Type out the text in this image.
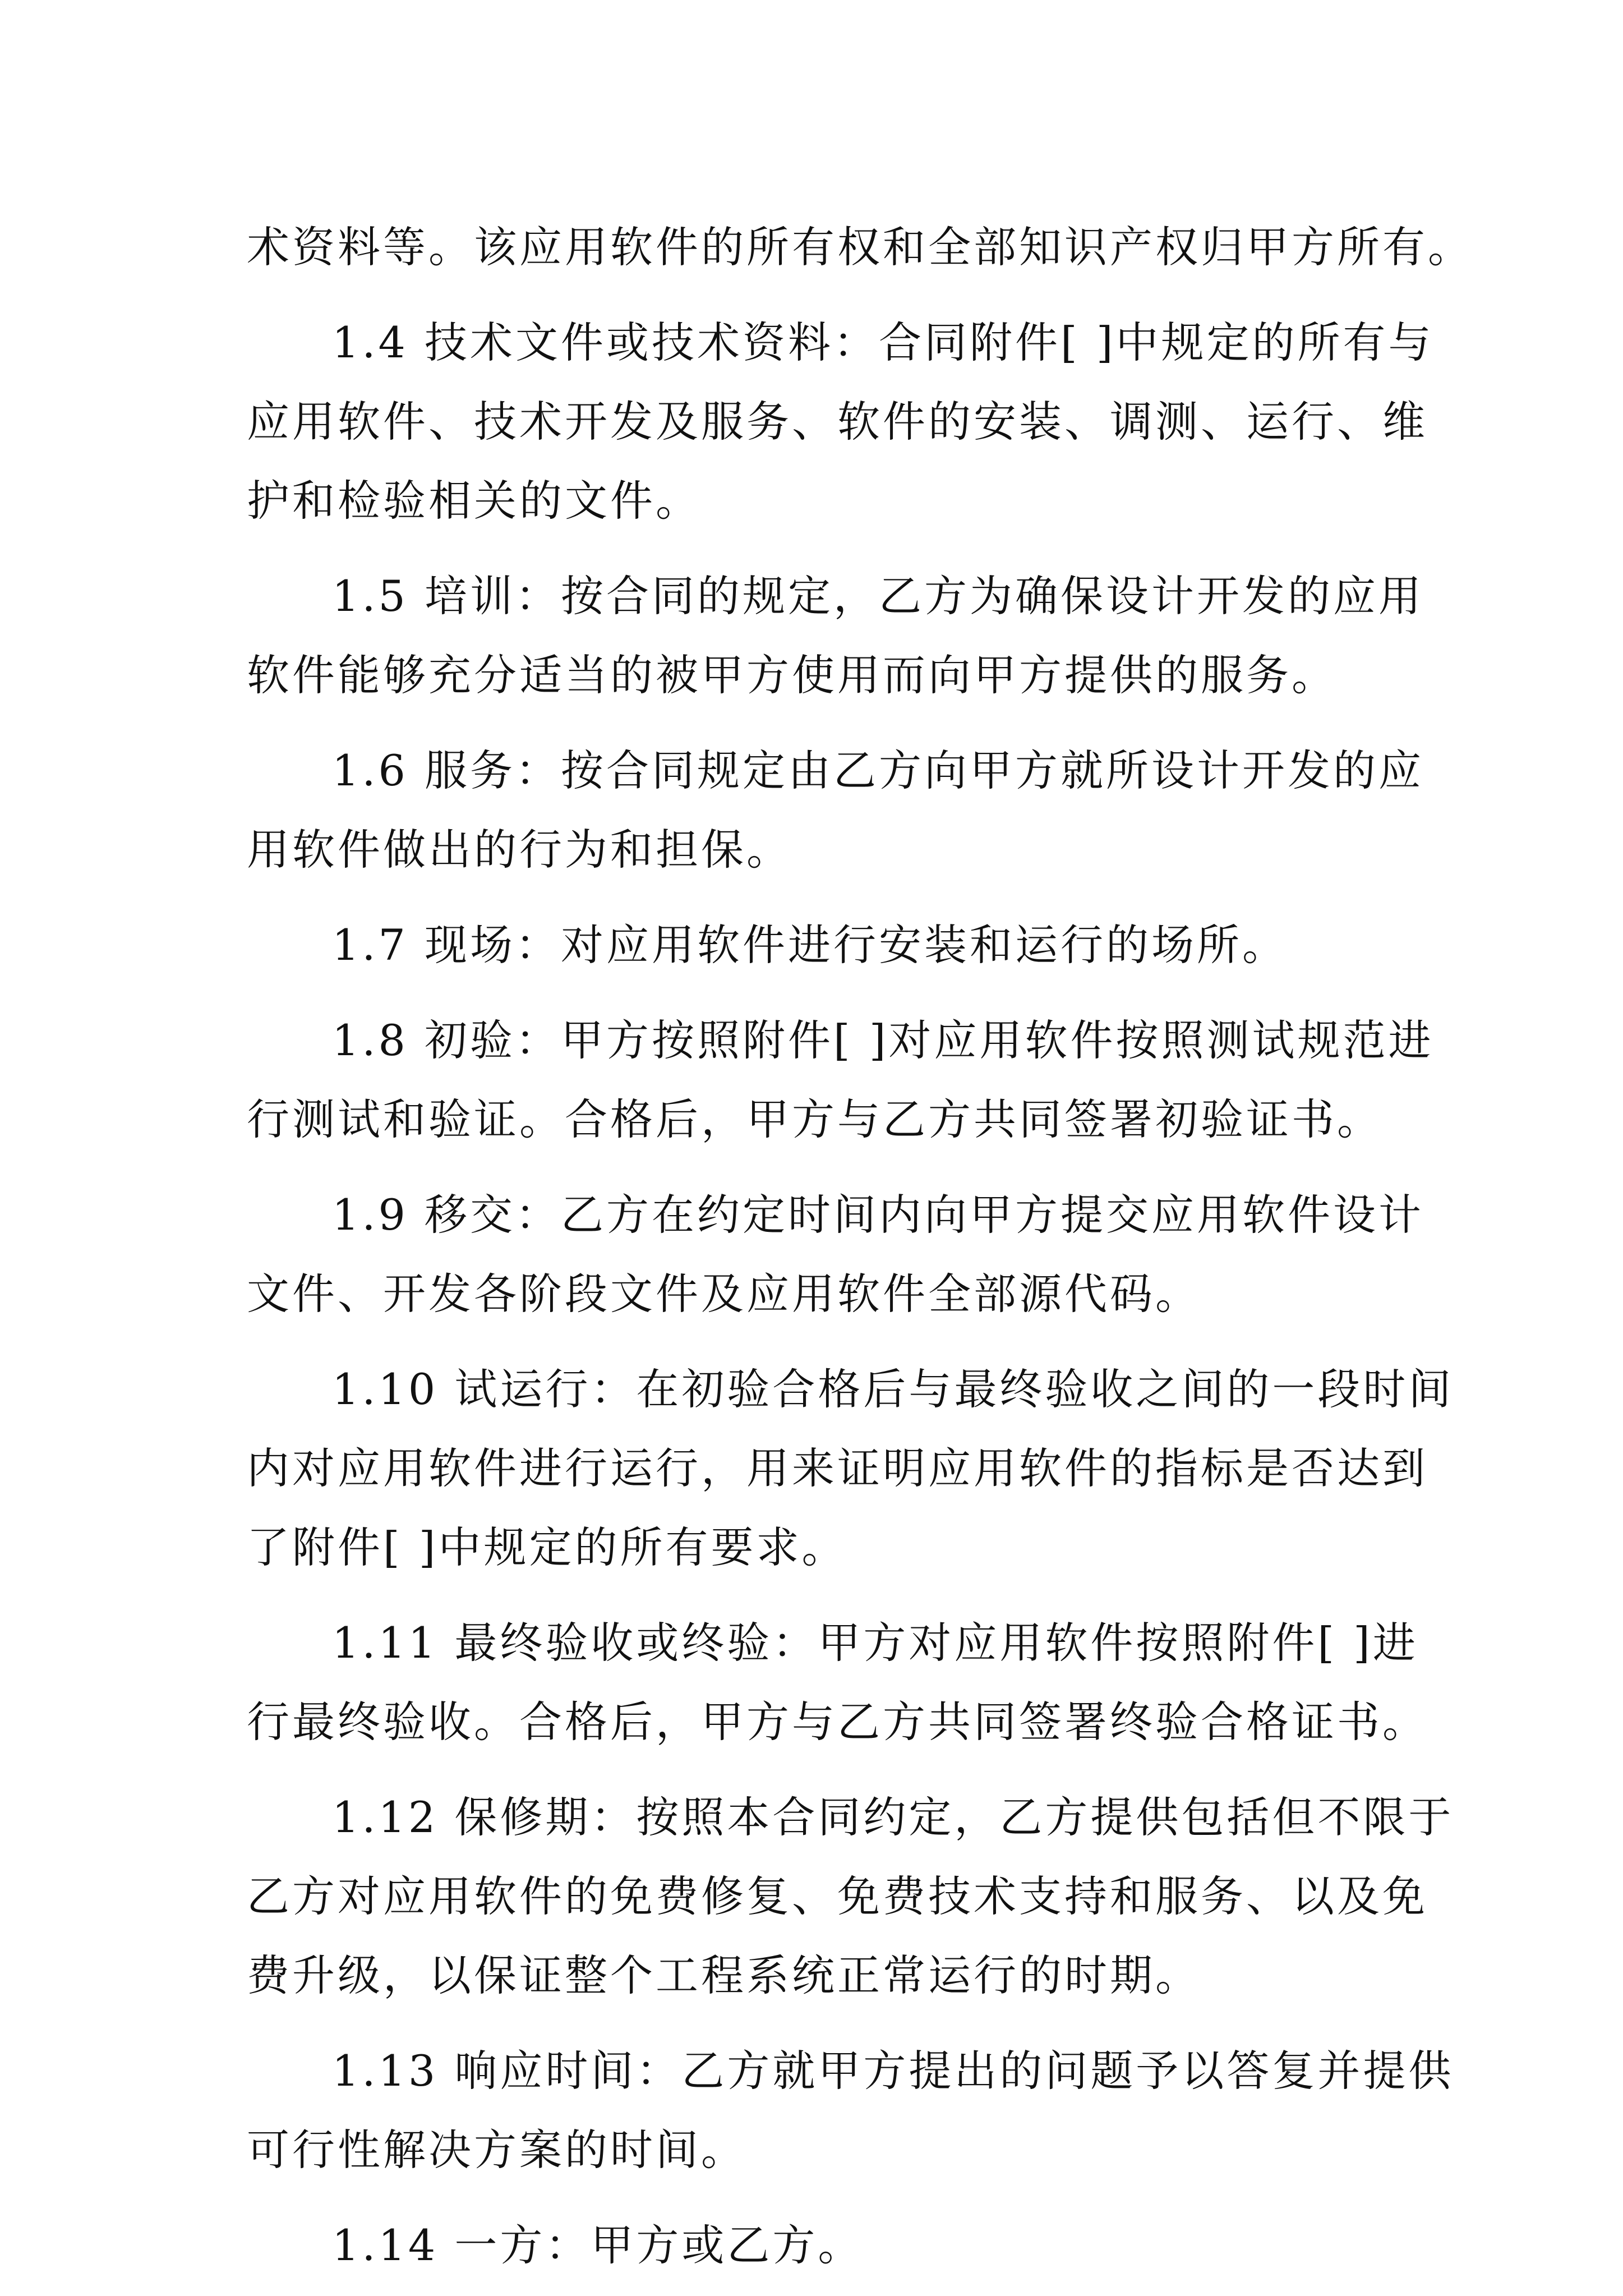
术资料等。该应用软件的所有权和全部知识产权归甲方所有。
1.4 技术文件或技术资料：合同附件[ ]中规定的所有与
应用软件、技术开发及服务、软件的安装、调测、运行、维
护和检验相关的文件。
1.5 培训：按合同的规定，乙方为确保设计开发的应用
软件能够充分适当的被甲方使用而向甲方提供的服务。
1.6 服务：按合同规定由乙方向甲方就所设计开发的应
用软件做出的行为和担保。
1.7 现场：对应用软件进行安装和运行的场所。
1.8 初验：甲方按照附件[ ]对应用软件按照测试规范进
行测试和验证。合格后，甲方与乙方共同签署初验证书。
1.9 移交：乙方在约定时间内向甲方提交应用软件设计
文件、开发各阶段文件及应用软件全部源代码。
1.10 试运行：在初验合格后与最终验收之间的一段时间
内对应用软件进行运行，用来证明应用软件的指标是否达到
了附件[ ]中规定的所有要求。
1.11 最终验收或终验：甲方对应用软件按照附件[ ]进
行最终验收。合格后，甲方与乙方共同签署终验合格证书。
1.12 保修期：按照本合同约定，乙方提供包括但不限于
乙方对应用软件的免费修复、免费技术支持和服务、以及免
费升级，以保证整个工程系统正常运行的时期。
1.13 响应时间：乙方就甲方提出的问题予以答复并提供
可行性解决方案的时间。
1.14 一方：甲方或乙方。
